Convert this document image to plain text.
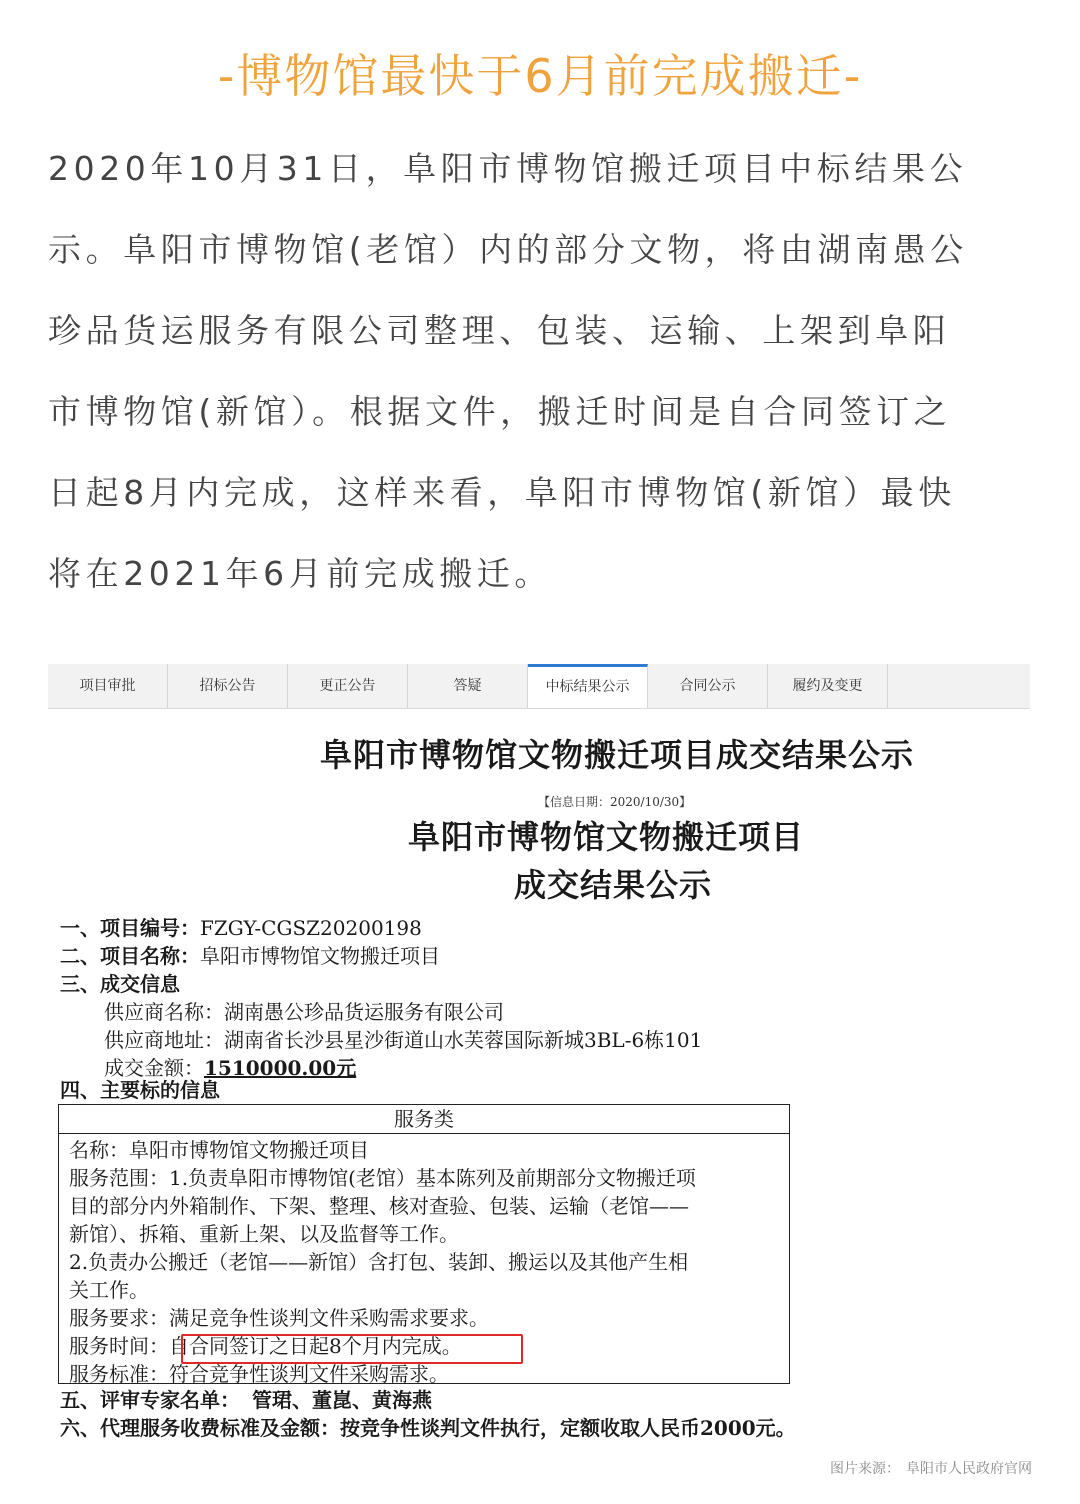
-博物馆最快于6月前完成搬迁-

2020年10月31日，阜阳市博物馆搬迁项目中标结果公
示。阜阳市博物馆(老馆）内的部分文物，将由湖南愚公
珍品货运服务有限公司整理、包装、运输、上架到阜阳
市博物馆(新馆）。根据文件，搬迁时间是自合同签订之
日起8月内完成，这样来看，阜阳市博物馆(新馆）最快
将在2021年6月前完成搬迁。

项目审批	招标公告	更正公告	答疑	中标结果公示	合同公示	履约及变更
阜阳市博物馆文物搬迁项目成交结果公示
【信息日期：2020/10/30】
阜阳市博物馆文物搬迁项目
成交结果公示
一、项目编号：FZGY-CGSZ20200198
二、项目名称：阜阳市博物馆文物搬迁项目
三、成交信息
供应商名称：湖南愚公珍品货运服务有限公司
供应商地址：湖南省长沙县星沙街道山水芙蓉国际新城3BL-6栋101
成交金额：1510000.00元
四、主要标的信息
服务类
名称：阜阳市博物馆文物搬迁项目
服务范围：1.负责阜阳市博物馆(老馆）基本陈列及前期部分文物搬迁项
目的部分内外箱制作、下架、整理、核对查验、包装、运输（老馆——
新馆）、拆箱、重新上架、以及监督等工作。
2.负责办公搬迁（老馆——新馆）含打包、装卸、搬运以及其他产生相
关工作。
服务要求：满足竞争性谈判文件采购需求要求。
服务时间：自合同签订之日起8个月内完成。
服务标准：符合竞争性谈判文件采购需求。
五、评审专家名单： 管珺、董崑、黄海燕
六、代理服务收费标准及金额：按竞争性谈判文件执行，定额收取人民币2000元。
图片来源： 阜阳市人民政府官网
